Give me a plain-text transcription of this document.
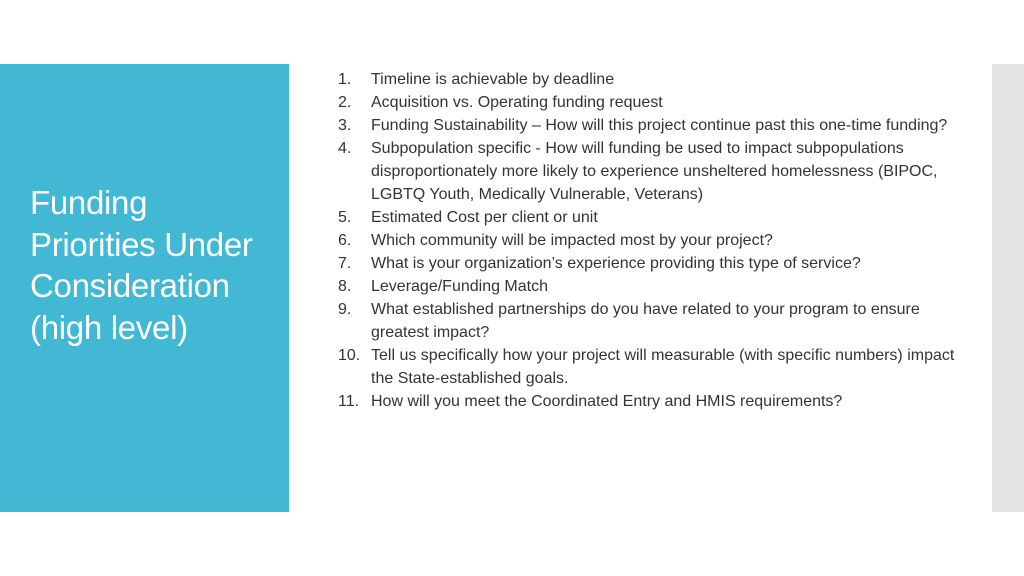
Funding Priorities Under Consideration (high level)
1.	Timeline is achievable by deadline
2.	Acquisition vs. Operating funding request
3.	Funding Sustainability – How will this project continue past this one-time funding?
4.	Subpopulation specific - How will funding be used to impact subpopulations disproportionately more likely to experience unsheltered homelessness (BIPOC, LGBTQ Youth, Medically Vulnerable, Veterans)
5.	Estimated Cost per client or unit
6.	Which community will be impacted most by your project?
7.	What is your organization’s experience providing this type of service?
8.	Leverage/Funding Match
9.	What established partnerships do you have related to your program to ensure greatest impact?
10. Tell us specifically how your project will measurable (with specific numbers) impact the State-established goals.
11. How will you meet the Coordinated Entry and HMIS requirements?
